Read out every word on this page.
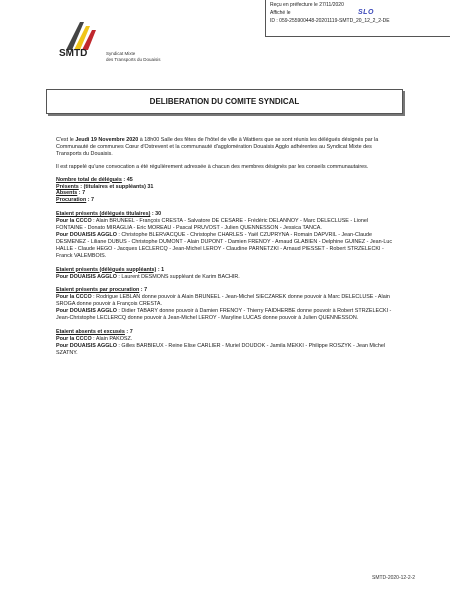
Reçu en préfecture le 27/11/2020
Affiché le
ID : 059-255900448-20201119-SMTD_20_12_2_2-DE
SLO
SMTD	Syndicat Mixte
des Transports du Douaisis
DELIBERATION DU COMITE SYNDICAL

C'est le Jeudi 19 Novembre 2020 à 18h00 Salle des fêtes de l'hôtel de ville à Wattiers que se sont réunis les délégués désignés par la Communauté de communes Cœur d'Ostrevent et la communauté d'agglomération Douaisis Agglo adhérentes au Syndicat Mixte des Transports du Douaisis.

Il est rappelé qu'une convocation a été régulièrement adressée à chacun des membres désignés par les conseils communautaires.

Nombre total de délégués : 45
Présents : (titulaires et suppléants) 31
Absents : 7
Procuration : 7
Etaient présents (délégués titulaires) : 30
Pour la CCCO : Alain BRUNEEL - François CRESTA - Salvatore DE CESARE - Frédéric DELANNOY - Marc DELECLUSE - Lionel FONTAINE - Donato MIRAGLIA - Eric MOREAU - Pascal PRUVOST - Julien QUENNESSON - Jessica TANCA.
Pour DOUAISIS AGGLO : Christophe BLERVACQUE - Christophe CHARLES - Yaël CZUPRYNA - Romain DAPVRIL - Jean-Claude DESMENEZ - Liliane DUBUS - Christophe DUMONT - Alain DUPONT - Damien FRENOY - Arnaud GLABIEN - Delphine GUINEZ - Jean-Luc HALLE - Claude HEGO - Jacques LECLERCQ - Jean-Michel LEROY - Claudine PARNETZKI - Arnaud PIESSET - Robert STRZELECKI - Franck VALEMBOIS.
Etaient présents (délégués suppléants) : 1
Pour DOUAISIS AGGLO : Laurent DESMONS suppléant de Karim BACHIR.
Etaient présents par procuration : 7
Pour la CCCO : Rodrigue LEBLAN donne pouvoir à Alain BRUNEEL - Jean-Michel SIECZAREK donne pouvoir à Marc DELECLUSE - Alain SROGA donne pouvoir à François CRESTA.
Pour DOUAISIS AGGLO : Didier TABARY donne pouvoir à Damien FRENOY - Thierry FAIDHERBE donne pouvoir à Robert STRZELECKI - Jean-Christophe LECLERCQ donne pouvoir à Jean-Michel LEROY - Maryline LUCAS donne pouvoir à Julien QUENNESSON.
Etaient absents et excusés : 7
Pour la CCCO : Alain PAKOSZ.
Pour DOUAISIS AGGLO : Gilles BARBIEUX - Reine Elise CARLIER - Muriel DOUDOK - Jamila MEKKI - Philippe ROSZYK - Jean Michel SZATNY.
SMTD-2020-12-2-2
